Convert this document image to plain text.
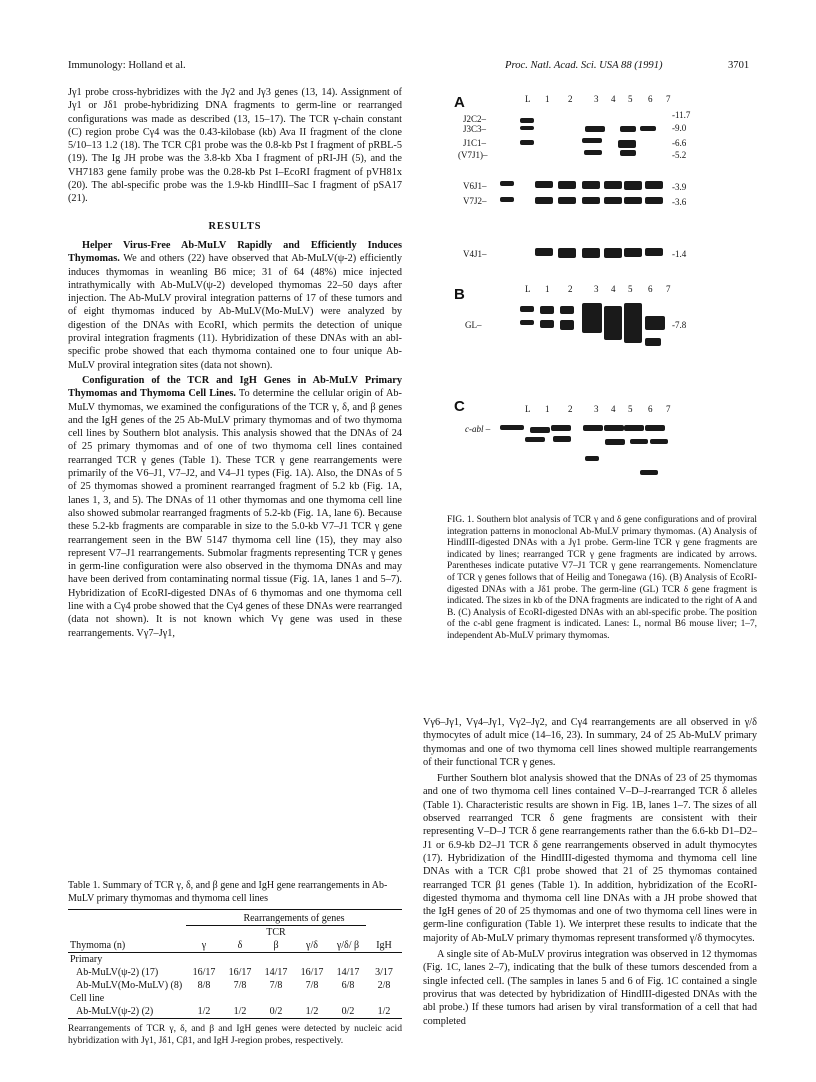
Immunology: Holland et al.	Proc. Natl. Acad. Sci. USA 88 (1991)	3701

Jγ1 probe cross-hybridizes with the Jγ2 and Jγ3 genes (13, 14). Assignment of Jγ1 or Jδ1 probe-hybridizing DNA fragments to germ-line or rearranged configurations was made as described (13, 15–17). The TCR γ-chain constant (C) region probe Cγ4 was the 0.43-kilobase (kb) Ava II fragment of the clone 5/10–13 1.2 (18). The TCR Cβ1 probe was the 0.8-kb Pst I fragment of pRBL-5 (19). The Ig JH probe was the 3.8-kb Xba I fragment of pRI-JH (5), and the VH7183 gene family probe was the 0.28-kb Pst I–EcoRI fragment of pVH81x (20). The abl-specific probe was the 1.9-kb HindIII–Sac I fragment of pSA17 (21).

RESULTS

Helper Virus-Free Ab-MuLV Rapidly and Efficiently Induces Thymomas. We and others (22) have observed that Ab-MuLV(ψ-2) efficiently induces thymomas in weanling B6 mice; 31 of 64 (48%) mice injected intrathymically with Ab-MuLV(ψ-2) developed thymomas 22–50 days after injection. The Ab-MuLV proviral integration patterns of 17 of these tumors and of eight thymomas induced by Ab-MuLV(Mo-MuLV) were analyzed by digestion of the DNAs with EcoRI, which permits the detection of unique proviral integration fragments (11). Hybridization of these DNAs with an abl-specific probe showed that each thymoma contained one to four unique Ab-MuLV proviral integration sites (data not shown).

Configuration of the TCR and IgH Genes in Ab-MuLV Primary Thymomas and Thymoma Cell Lines. To determine the cellular origin of Ab-MuLV thymomas, we examined the configurations of the TCR γ, δ, and β genes and the IgH genes of the 25 Ab-MuLV primary thymomas and of two thymoma cell lines by Southern blot analysis. This analysis showed that the DNAs of 24 of 25 primary thymomas and of one of two thymoma cell lines contained rearranged TCR γ genes (Table 1). These TCR γ gene rearrangements were primarily of the V6–J1, V7–J2, and V4–J1 types (Fig. 1A). Also, the DNAs of 5 of 25 thymomas showed a prominent rearranged fragment of 5.2 kb (Fig. 1A, lanes 1, 3, and 5). The DNAs of 11 other thymomas and one thymoma cell line also showed submolar rearranged fragments of 5.2-kb (Fig. 1A, lane 6). Because these 5.2-kb fragments are comparable in size to the 5.0-kb V7–J1 TCR γ gene rearrangement seen in the BW 5147 thymoma cell line (15), they may also represent V7–J1 rearrangements. Submolar fragments representing TCR γ genes in germ-line configuration were also observed in the thymoma DNAs and may have been derived from contaminating normal tissue (Fig. 1A, lanes 1 and 5–7). Hybridization of EcoRI-digested DNAs of 6 thymomas and one thymoma cell line with a Cγ4 probe showed that the Cγ4 genes of these DNAs were rearranged (data not shown). It is not known which Vγ gene was used in these rearrangements. Vγ7–Jγ1,

Table 1. Summary of TCR γ, δ, and β gene and IgH gene rearrangements in Ab-MuLV primary thymomas and thymoma cell lines
	Rearrangements of genes					
	TCR					
Thymoma (n)	γ	δ	β	γ/δ	γ/δ/ β	IgH
Primary						
Ab-MuLV(ψ-2) (17)	16/17	16/17	14/17	16/17	14/17	3/17
Ab-MuLV(Mo-MuLV) (8)	8/8	7/8	7/8	7/8	6/8	2/8
Cell line						
Ab-MuLV(ψ-2) (2)	1/2	1/2	0/2	1/2	0/2	1/2
Rearrangements of TCR γ, δ, and β and IgH genes were detected by nucleic acid hybridization with Jγ1, Jδ1, Cβ1, and IgH J-region probes, respectively.
A	L 1 2 3 4 5 6 7
J2C2–
J3C3–
J1C1–
(V7J1)–
V6J1–
V7J2–
V4J1–
-11.7
-9.0
-6.6
-5.2
-3.9
-3.6
-1.4
B	L 1 2 3 4 5 6 7
GL–	-7.8
C	L 1 2 3 4 5 6 7
c-abl –
FIG. 1. Southern blot analysis of TCR γ and δ gene configurations and of proviral integration patterns in monoclonal Ab-MuLV primary thymomas. (A) Analysis of HindIII-digested DNAs with a Jγ1 probe. Germ-line TCR γ gene fragments are indicated by lines; rearranged TCR γ gene fragments are indicated by arrows. Parentheses indicate putative V7–J1 TCR γ gene rearrangements. Nomenclature of TCR γ genes follows that of Heilig and Tonegawa (16). (B) Analysis of EcoRI-digested DNAs with a Jδ1 probe. The germ-line (GL) TCR δ gene fragment is indicated. The sizes in kb of the DNA fragments are indicated to the right of A and B. (C) Analysis of EcoRI-digested DNAs with an abl-specific probe. The position of the c-abl gene fragment is indicated. Lanes: L, normal B6 mouse liver; 1–7, independent Ab-MuLV primary thymomas.

Vγ6–Jγ1, Vγ4–Jγ1, Vγ2–Jγ2, and Cγ4 rearrangements are all observed in γ/δ thymocytes of adult mice (14–16, 23). In summary, 24 of 25 Ab-MuLV primary thymomas and one of two thymoma cell lines showed multiple rearrangements of their functional TCR γ genes.

Further Southern blot analysis showed that the DNAs of 23 of 25 thymomas and one of two thymoma cell lines contained V–D–J-rearranged TCR δ alleles (Table 1). Characteristic results are shown in Fig. 1B, lanes 1–7. The sizes of all observed rearranged TCR δ gene fragments are consistent with their representing V–D–J TCR δ gene rearrangements rather than the 6.6-kb D1–D2–J1 or 6.9-kb D2–J1 TCR δ gene rearrangements observed in adult thymocytes (17). Hybridization of the HindIII-digested thymoma and thymoma cell line DNAs with a TCR Cβ1 probe showed that 21 of 25 thymomas contained rearranged TCR β1 genes (Table 1). In addition, hybridization of the EcoRI-digested thymoma and thymoma cell line DNAs with a JH probe showed that the IgH genes of 20 of 25 thymomas and one of two thymoma cell lines were in germ-line configuration (Table 1). We interpret these results to indicate that the majority of Ab-MuLV primary thymomas represent transformed γ/δ thymocytes.

A single site of Ab-MuLV provirus integration was observed in 12 thymomas (Fig. 1C, lanes 2–7), indicating that the bulk of these tumors descended from a single infected cell. (The samples in lanes 5 and 6 of Fig. 1C contained a single provirus that was detected by hybridization of HindIII-digested DNAs with the abl probe.) If these tumors had arisen by viral transformation of a cell that had completed
